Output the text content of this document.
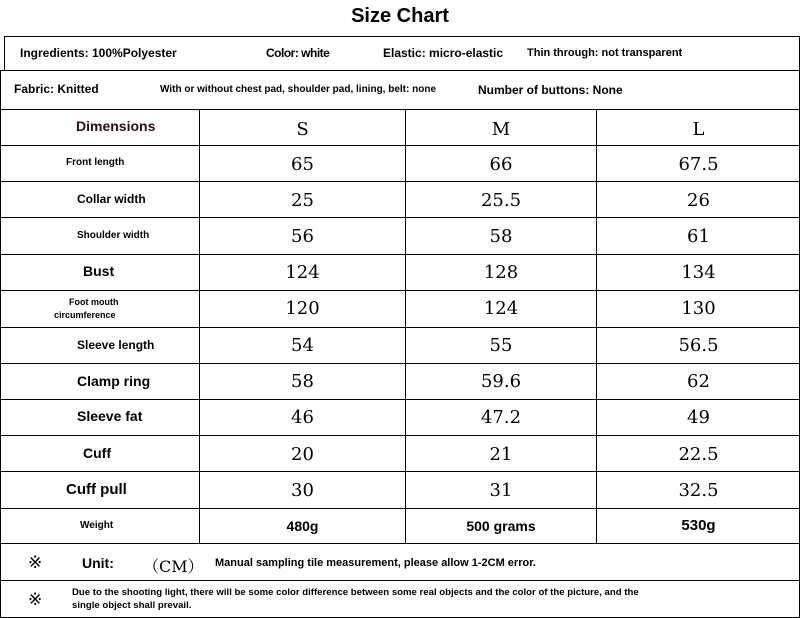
Size Chart
Ingredients: 100%Polyester	Color: white	Elastic: micro-elastic Thin through: not transparent
Fabric: Knitted	With or without chest pad, shoulder pad, lining, belt: none	Number of buttons: None
Dimensions	S	M	L
Front length	65	66	67.5
Collar width	25	25.5	26
Shoulder width	56	58	61
Bust	124	128	134
Foot mouth
circumference	120	124	130
Sleeve length	54	55	56.5
Clamp ring	58	59.6	62
Sleeve fat	46	47.2	49
Cuff	20	21	22.5
Cuff pull	30	31	32.5
Weight	480g	500 grams	530g
※	Unit: （CM） Manual sampling tile measurement, please allow 1-2CM error.
※	Due to the shooting light, there will be some color difference between some real objects and the color of the picture, and the
single object shall prevail.
